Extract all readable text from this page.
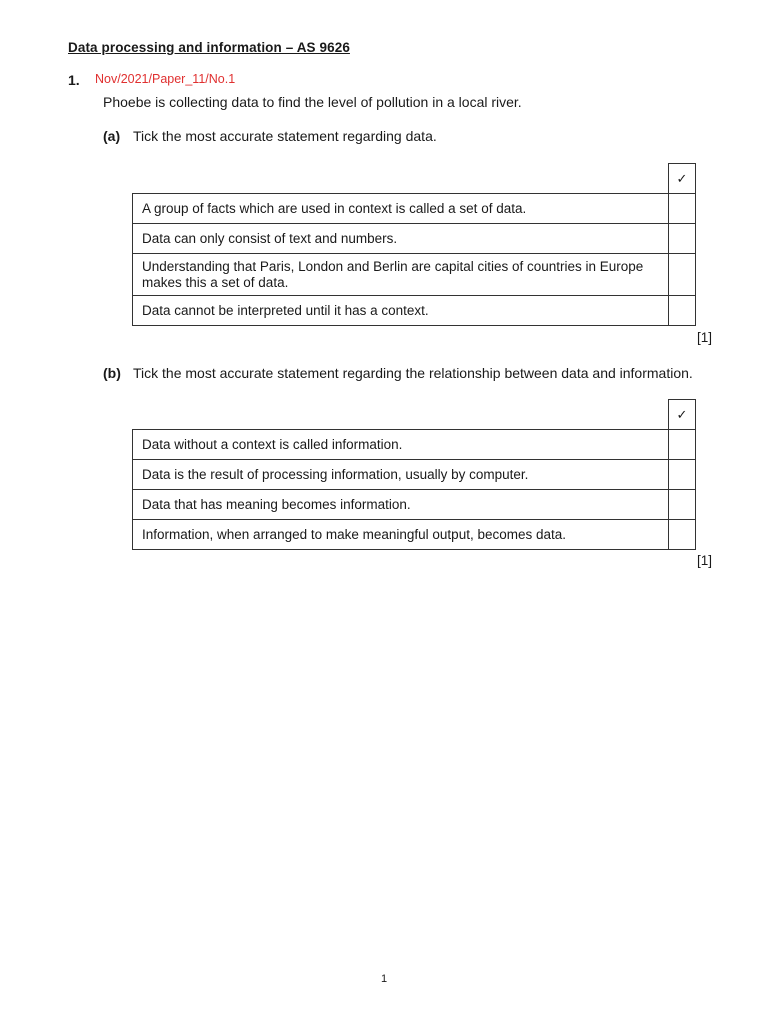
Data processing and information – AS 9626
1. Nov/2021/Paper_11/No.1
Phoebe is collecting data to find the level of pollution in a local river.
(a) Tick the most accurate statement regarding data.
	✓
A group of facts which are used in context is called a set of data.	
Data can only consist of text and numbers.	
Understanding that Paris, London and Berlin are capital cities of countries in Europe makes this a set of data.	
Data cannot be interpreted until it has a context.	
[1]
(b) Tick the most accurate statement regarding the relationship between data and information.
	✓
Data without a context is called information.	
Data is the result of processing information, usually by computer.	
Data that has meaning becomes information.	
Information, when arranged to make meaningful output, becomes data.	
[1]
1
